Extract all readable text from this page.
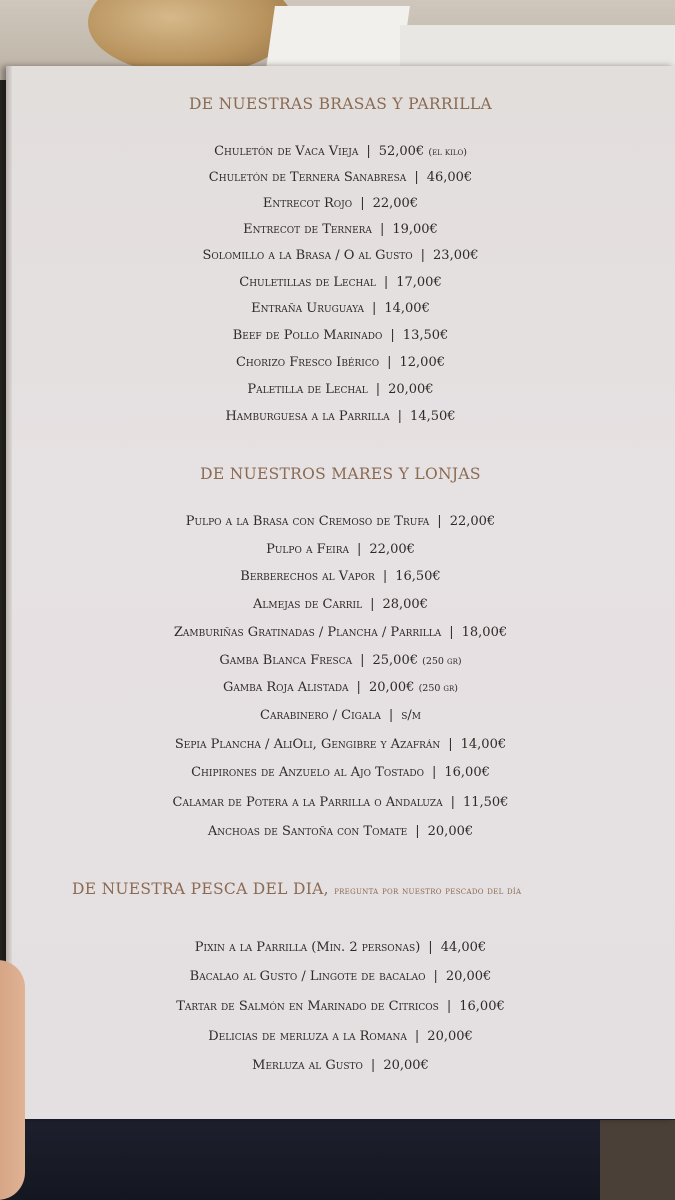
DE NUESTRAS BRASAS Y PARRILLA
Chuletón de Vaca Vieja | 52,00€ (el kilo)
Chuletón de Ternera Sanabresa | 46,00€
Entrecot Rojo | 22,00€
Entrecot de Ternera | 19,00€
Solomillo a la Brasa / O al Gusto | 23,00€
Chuletillas de Lechal | 17,00€
Entraña Uruguaya | 14,00€
Beef de Pollo Marinado | 13,50€
Chorizo Fresco Ibérico | 12,00€
Paletilla de Lechal | 20,00€
Hamburguesa a la Parrilla | 14,50€
DE NUESTROS MARES Y LONJAS
Pulpo a la Brasa con Cremoso de Trufa | 22,00€
Pulpo a Feira | 22,00€
Berberechos al Vapor | 16,50€
Almejas de Carril | 28,00€
Zamburiñas Gratinadas / Plancha / Parrilla | 18,00€
Gamba Blanca Fresca | 25,00€ (250 gr)
Gamba Roja Alistada | 20,00€ (250 gr)
Carabinero / Cigala | s/m
Sepia Plancha / AliOli, Gengibre y Azafrán | 14,00€
Chipirones de Anzuelo al Ajo Tostado | 16,00€
Calamar de Potera a la Parrilla o Andaluza | 11,50€
Anchoas de Santoña con Tomate | 20,00€
DE NUESTRA PESCA DEL DIA, pregunta por nuestro pescado del día
Pixin a la Parrilla (Min. 2 personas) | 44,00€
Bacalao al Gusto / Lingote de bacalao | 20,00€
Tartar de Salmón en Marinado de Citricos | 16,00€
Delicias de merluza a la Romana | 20,00€
Merluza al Gusto | 20,00€
